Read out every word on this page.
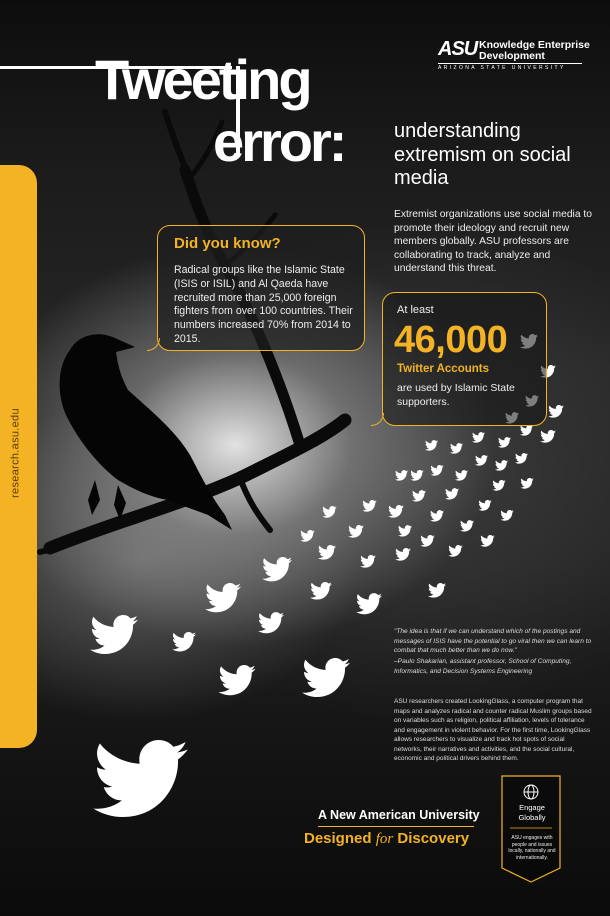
research.asu.edu
ASU Knowledge Enterprise
Development
ARIZONA STATE UNIVERSITY
Tweeting
error: understanding extremism on social media
Extremist organizations use social media to promote their ideology and recruit new members globally. ASU professors are collaborating to track, analyze and understand this threat.
Did you know?
Radical groups like the Islamic State (ISIS or ISIL) and Al Qaeda have recruited more than 25,000 foreign fighters from over 100 countries. Their numbers increased 70% from 2014 to 2015.
At least
46,000
Twitter Accounts
are used by Islamic State supporters.
"The idea is that if we can understand which of the postings and messages of ISIS have the potential to go viral then we can learn to combat that much better than we do now."
–Paulo Shakarian, assistant professor, School of Computing, Informatics, and Decision Systems Engineering
ASU researchers created LookingGlass, a computer program that maps and analyzes radical and counter radical Muslim groups based on variables such as religion, political affiliation, levels of tolerance and engagement in violent behavior. For the first time, LookingGlass allows researchers to visualize and track hot spots of social networks, their narratives and activities, and the social cultural, economic and political drivers behind them.
A New American University
Designed for Discovery
Engage Globally
ASU engages with people and issues locally, nationally and internationally.
